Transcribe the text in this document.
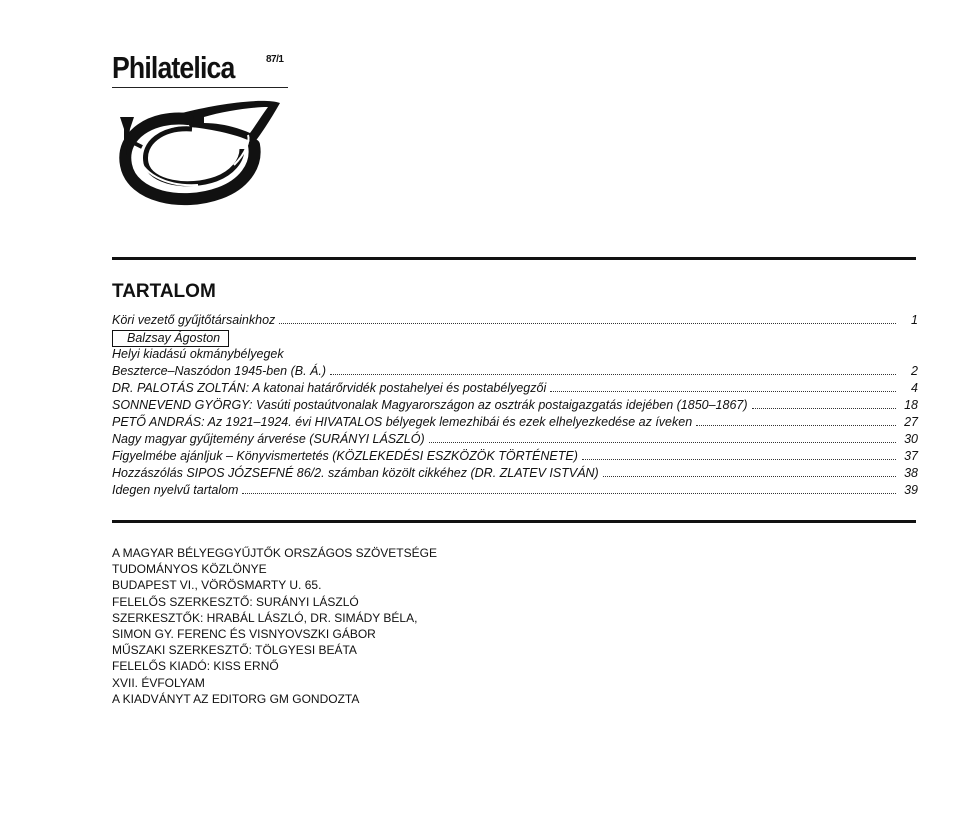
Philatelica	87/1
TARTALOM
Köri vezető gyűjtőtársainkhoz	1
Balzsay Ágoston
Helyi kiadású okmánybélyegek
Beszterce–Naszódon 1945-ben (B. Á.)	2
DR. PALOTÁS ZOLTÁN: A katonai határőrvidék postahelyei és postabélyegzői	4
SONNEVEND GYÖRGY: Vasúti postaútvonalak Magyarországon az osztrák postaigazgatás idejében (1850–1867)	18
PETŐ ANDRÁS: Az 1921–1924. évi HIVATALOS bélyegek lemezhibái és ezek elhelyezkedése az íveken	27
Nagy magyar gyűjtemény árverése (SURÁNYI LÁSZLÓ)	30
Figyelmébe ajánljuk – Könyvismertetés (KÖZLEKEDÉSI ESZKÖZÖK TÖRTÉNETE)	37
Hozzászólás SIPOS JÓZSEFNÉ 86/2. számban közölt cikkéhez (DR. ZLATEV ISTVÁN)	38
Idegen nyelvű tartalom	39
A MAGYAR BÉLYEGGYŰJTŐK ORSZÁGOS SZÖVETSÉGE
TUDOMÁNYOS KÖZLÖNYE
BUDAPEST VI., VÖRÖSMARTY U. 65.
FELELŐS SZERKESZTŐ: SURÁNYI LÁSZLÓ
SZERKESZTŐK: HRABÁL LÁSZLÓ, DR. SIMÁDY BÉLA,
SIMON GY. FERENC ÉS VISNYOVSZKI GÁBOR
MŰSZAKI SZERKESZTŐ: TÖLGYESI BEÁTA
FELELŐS KIADÓ: KISS ERNŐ
XVII. ÉVFOLYAM
A KIADVÁNYT AZ EDITORG GM GONDOZTA
